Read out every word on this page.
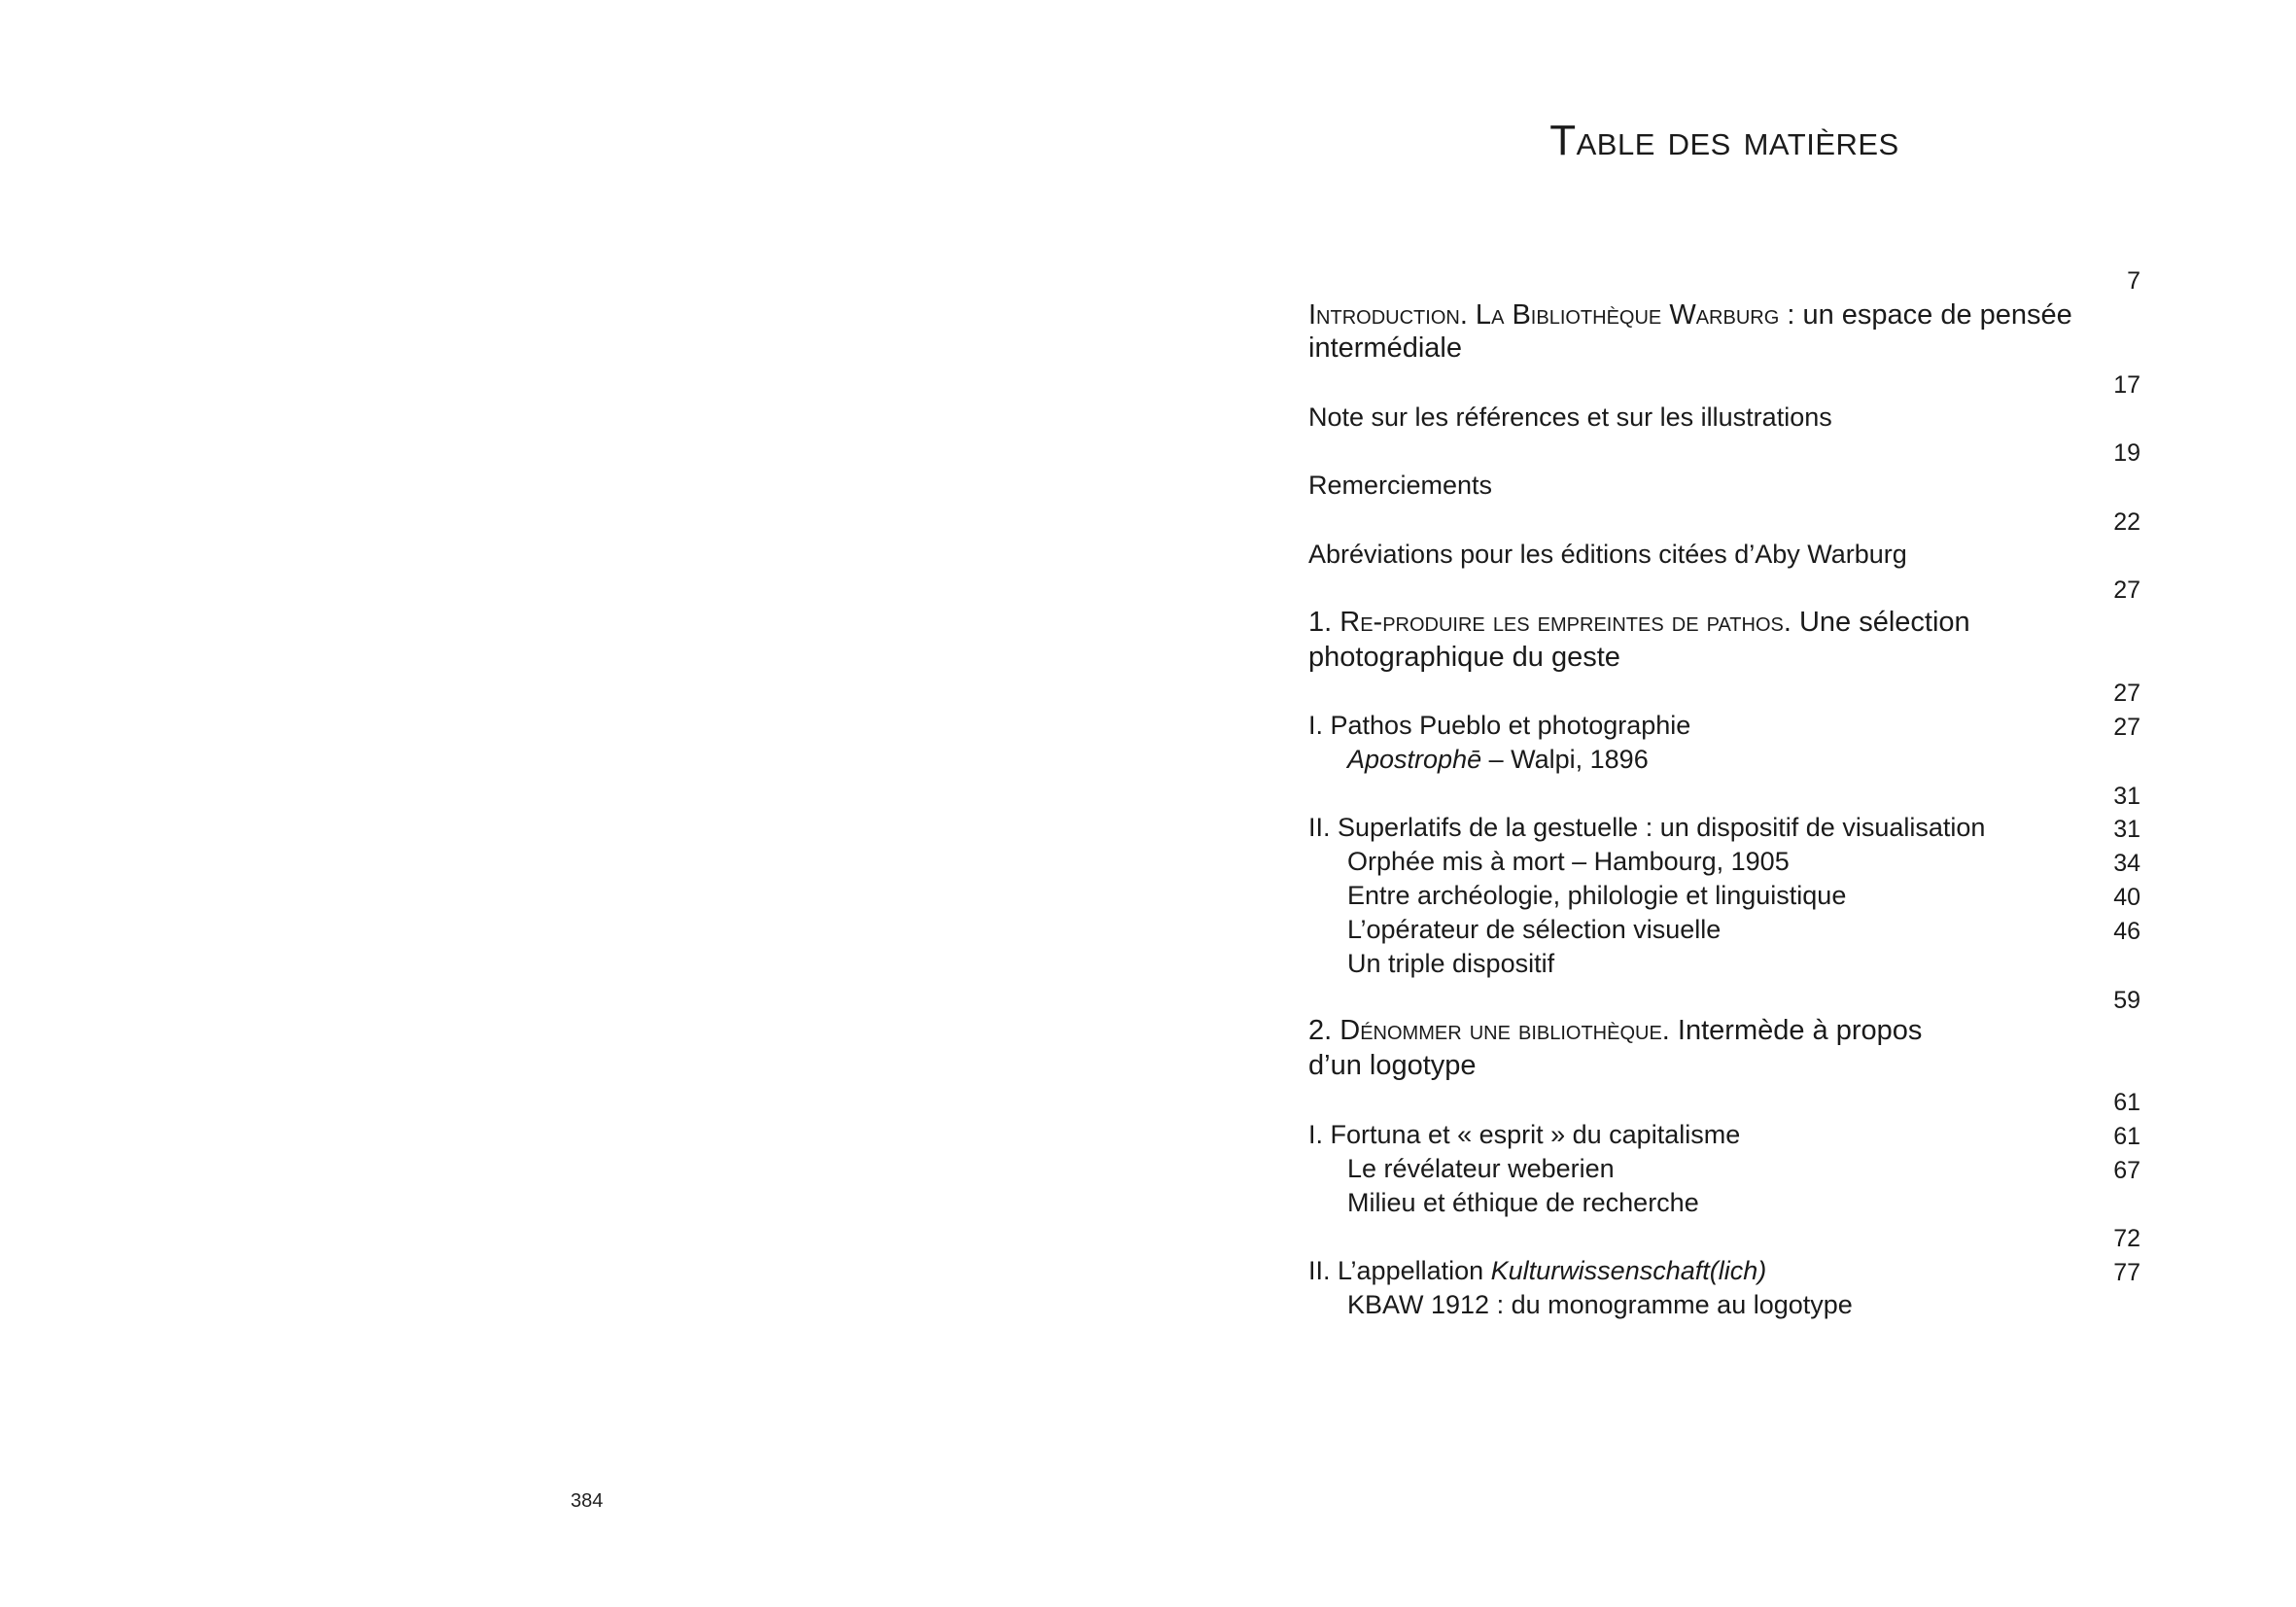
384
Table des matières
7
17
19
22
27
27
27
31
31
34
40
46
59
61
61
67
72
77
Introduction. La Bibliothèque Warburg : un espace de pensée
intermédiale
Note sur les références et sur les illustrations
Remerciements
Abréviations pour les éditions citées d’Aby Warburg
1. Re-produire les empreintes de pathos. Une sélection
photographique du geste
I. Pathos Pueblo et photographie
Apostrophē – Walpi, 1896
II. Superlatifs de la gestuelle : un dispositif de visualisation
Orphée mis à mort – Hambourg, 1905
Entre archéologie, philologie et linguistique
L’opérateur de sélection visuelle
Un triple dispositif
2. Dénommer une bibliothèque. Intermède à propos
d’un logotype
I. Fortuna et « esprit » du capitalisme
Le révélateur weberien
Milieu et éthique de recherche
II. L’appellation Kulturwissenschaft(lich)
KBAW 1912 : du monogramme au logotype
